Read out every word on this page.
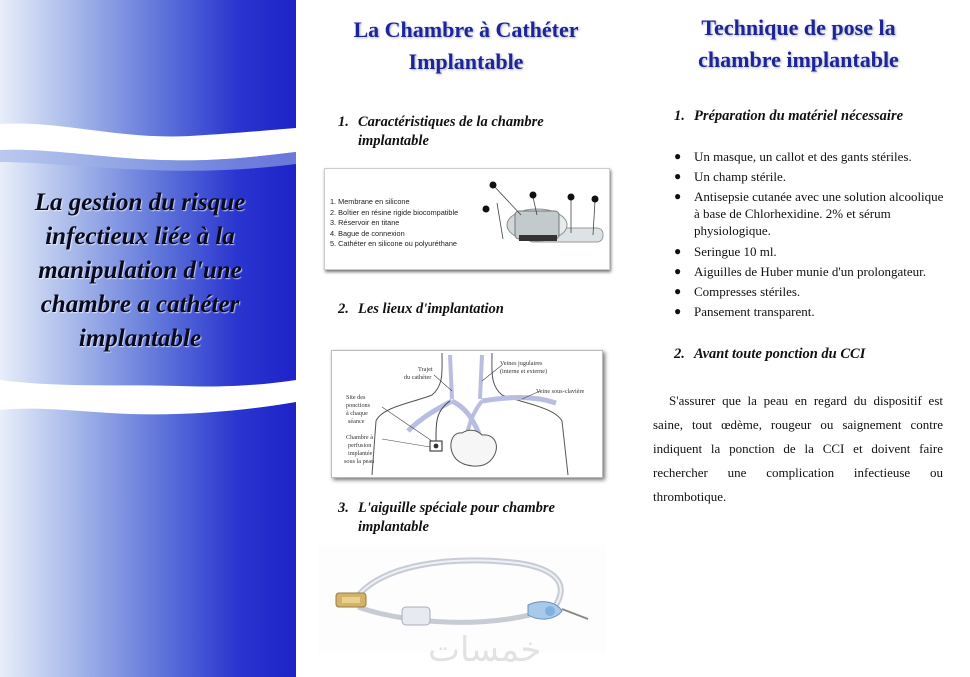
La gestion du risque infectieux liée à la manipulation d'une chambre a cathéter implantable
La Chambre à Cathéter
Implantable
1. Caractéristiques de la chambre implantable
1. Membrane en silicone
2. Boîtier en résine rigide biocompatible
3. Réservoir en titane
4. Bague de connexion
5. Cathéter en silicone ou polyuréthane
2. Les lieux d'implantation
Trajet
du cathéter
Veines jugulaires
(interne et externe)
Veine sous-clavière
Site des
ponctions
à chaque
séance
Chambre à
perfusion
implantée
sous la peau
3. L'aiguille spéciale pour chambre implantable
Technique de pose la
chambre implantable
1. Préparation du matériel nécessaire
● Un masque, un callot et des gants stériles.
● Un champ stérile.
● Antisepsie cutanée avec une solution alcoolique à base de Chlorhexidine. 2% et sérum physiologique.
● Seringue 10 ml.
● Aiguilles de Huber munie d'un prolongateur.
● Compresses stériles.
● Pansement transparent.
2. Avant toute ponction du CCI

S'assurer que la peau en regard du dispositif est saine, tout œdème, rougeur ou saignement contre indiquent la ponction de la CCI et doivent faire rechercher une complication infectieuse ou thrombotique.

خمسات
